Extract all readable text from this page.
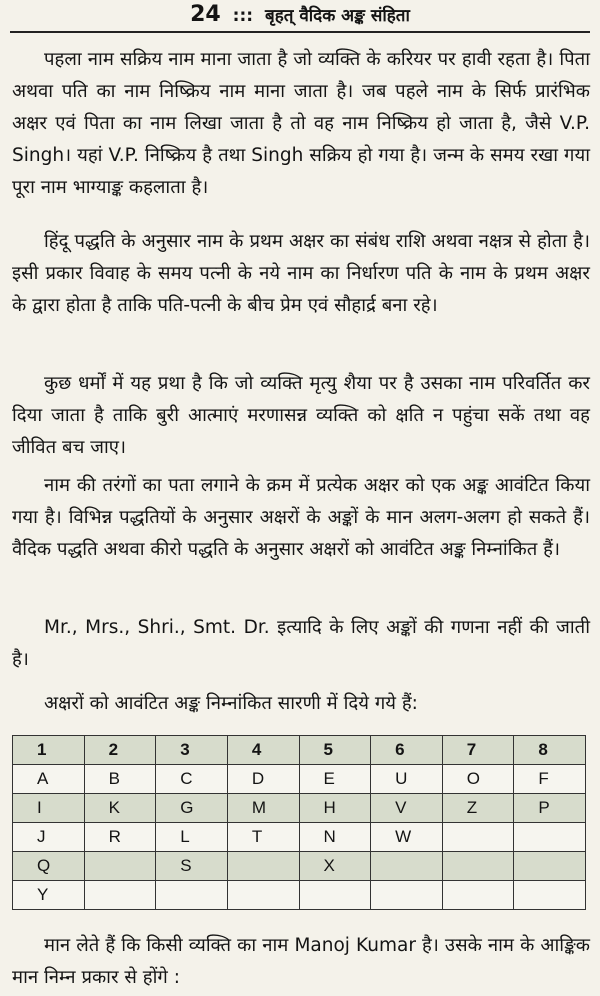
24 ::: बृहत् वैदिक अङ्क संहिता

पहला नाम सक्रिय नाम माना जाता है जो व्यक्ति के करियर पर हावी रहता है। पिता अथवा पति का नाम निष्क्रिय नाम माना जाता है। जब पहले नाम के सिर्फ प्रारंभिक अक्षर एवं पिता का नाम लिखा जाता है तो वह नाम निष्क्रिय हो जाता है, जैसे V.P. Singh। यहां V.P. निष्क्रिय है तथा Singh सक्रिय हो गया है। जन्म के समय रखा गया पूरा नाम भाग्याङ्क कहलाता है।

हिंदू पद्धति के अनुसार नाम के प्रथम अक्षर का संबंध राशि अथवा नक्षत्र से होता है। इसी प्रकार विवाह के समय पत्नी के नये नाम का निर्धारण पति के नाम के प्रथम अक्षर के द्वारा होता है ताकि पति-पत्नी के बीच प्रेम एवं सौहार्द्र बना रहे।

कुछ धर्मों में यह प्रथा है कि जो व्यक्ति मृत्यु शैया पर है उसका नाम परिवर्तित कर दिया जाता है ताकि बुरी आत्माएं मरणासन्न व्यक्ति को क्षति न पहुंचा सकें तथा वह जीवित बच जाए।

नाम की तरंगों का पता लगाने के क्रम में प्रत्येक अक्षर को एक अङ्क आवंटित किया गया है। विभिन्न पद्धतियों के अनुसार अक्षरों के अङ्कों के मान अलग-अलग हो सकते हैं। वैदिक पद्धति अथवा कीरो पद्धति के अनुसार अक्षरों को आवंटित अङ्क निम्नांकित हैं।

Mr., Mrs., Shri., Smt. Dr. इत्यादि के लिए अङ्कों की गणना नहीं की जाती है।

अक्षरों को आवंटित अङ्क निम्नांकित सारणी में दिये गये हैं:

1	2	3	4	5	6	7	8
A	B	C	D	E	U	O	F
I	K	G	M	H	V	Z	P
J	R	L	T	N	W		
Q		S		X			
Y							

मान लेते हैं कि किसी व्यक्ति का नाम Manoj Kumar है। उसके नाम के आङ्किक मान निम्न प्रकार से होंगे :
